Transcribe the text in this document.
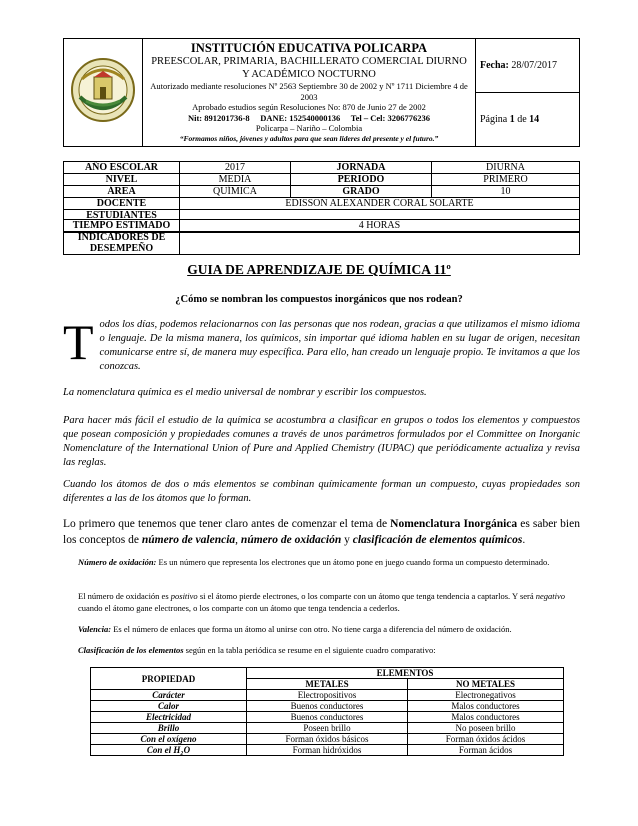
INSTITUCIÓN EDUCATIVA POLICARPA
PREESCOLAR, PRIMARIA, BACHILLERATO COMERCIAL DIURNO Y ACADÉMICO NOCTURNO
Autorizado mediante resoluciones Nº 2563 Septiembre 30 de 2002 y Nº 1711 Diciembre 4 de 2003
Aprobado estudios según Resoluciones No: 870 de Junio 27 de 2002
Nit: 891201736-8 DANE: 152540000136 Tel – Cel: 3206776236
Policarpa – Nariño – Colombia
“Formamos niños, jóvenes y adultos para que sean lideres del presente y el futuro.”
	Fecha: 28/07/2017
Página 1 de 14
AÑO ESCOLAR	2017	JORNADA	DIURNA
NIVEL	MEDIA	PERIODO	PRIMERO
ÁREA	QUÍMICA	GRADO	10
DOCENTE	EDISSON ALEXANDER CORAL SOLARTE		
ESTUDIANTES			
TIEMPO ESTIMADO	4 HORAS
INDICADORES DE DESEMPEÑO	
GUIA DE APRENDIZAJE DE QUÍMICA 11º
¿Cómo se nombran los compuestos inorgánicos que nos rodean?
Todos los días, podemos relacionarnos con las personas que nos rodean, gracias a que utilizamos el mismo idioma o lenguaje. De la misma manera, los químicos, sin importar qué idioma hablen en su lugar de origen, necesitan comunicarse entre sí, de manera muy específica. Para ello, han creado un lenguaje propio. Te invitamos a que los conozcas.
La nomenclatura química es el medio universal de nombrar y escribir los compuestos.
Para hacer más fácil el estudio de la química se acostumbra a clasificar en grupos o todos los elementos y compuestos que posean composición y propiedades comunes a través de unos parámetros formulados por el Committee on Inorganic Nomenclature of the International Union of Pure and Applied Chemistry (IUPAC) que periódicamente actualiza y revisa las reglas.
Cuando los átomos de dos o más elementos se combinan químicamente forman un compuesto, cuyas propiedades son diferentes a las de los átomos que lo forman.
Lo primero que tenemos que tener claro antes de comenzar el tema de Nomenclatura Inorgánica es saber bien los conceptos de número de valencia, número de oxidación y clasificación de elementos químicos.
Número de oxidación: Es un número que representa los electrones que un átomo pone en juego cuando forma un compuesto determinado.
El número de oxidación es positivo si el átomo pierde electrones, o los comparte con un átomo que tenga tendencia a captarlos. Y será negativo cuando el átomo gane electrones, o los comparte con un átomo que tenga tendencia a cederlos.
Valencia: Es el número de enlaces que forma un átomo al unirse con otro. No tiene carga a diferencia del número de oxidación.
Clasificación de los elementos según en la tabla periódica se resume en el siguiente cuadro comparativo:
PROPIEDAD	ELEMENTOS	
	METALES	NO METALES
Carácter	Electropositivos	Electronegativos
Calor	Buenos conductores	Malos conductores
Electricidad	Buenos conductores	Malos conductores
Brillo	Poseen brillo	No poseen brillo
Con el oxígeno	Forman óxidos básicos	Forman óxidos ácidos
Con el H₂O	Forman hidróxidos	Forman ácidos
